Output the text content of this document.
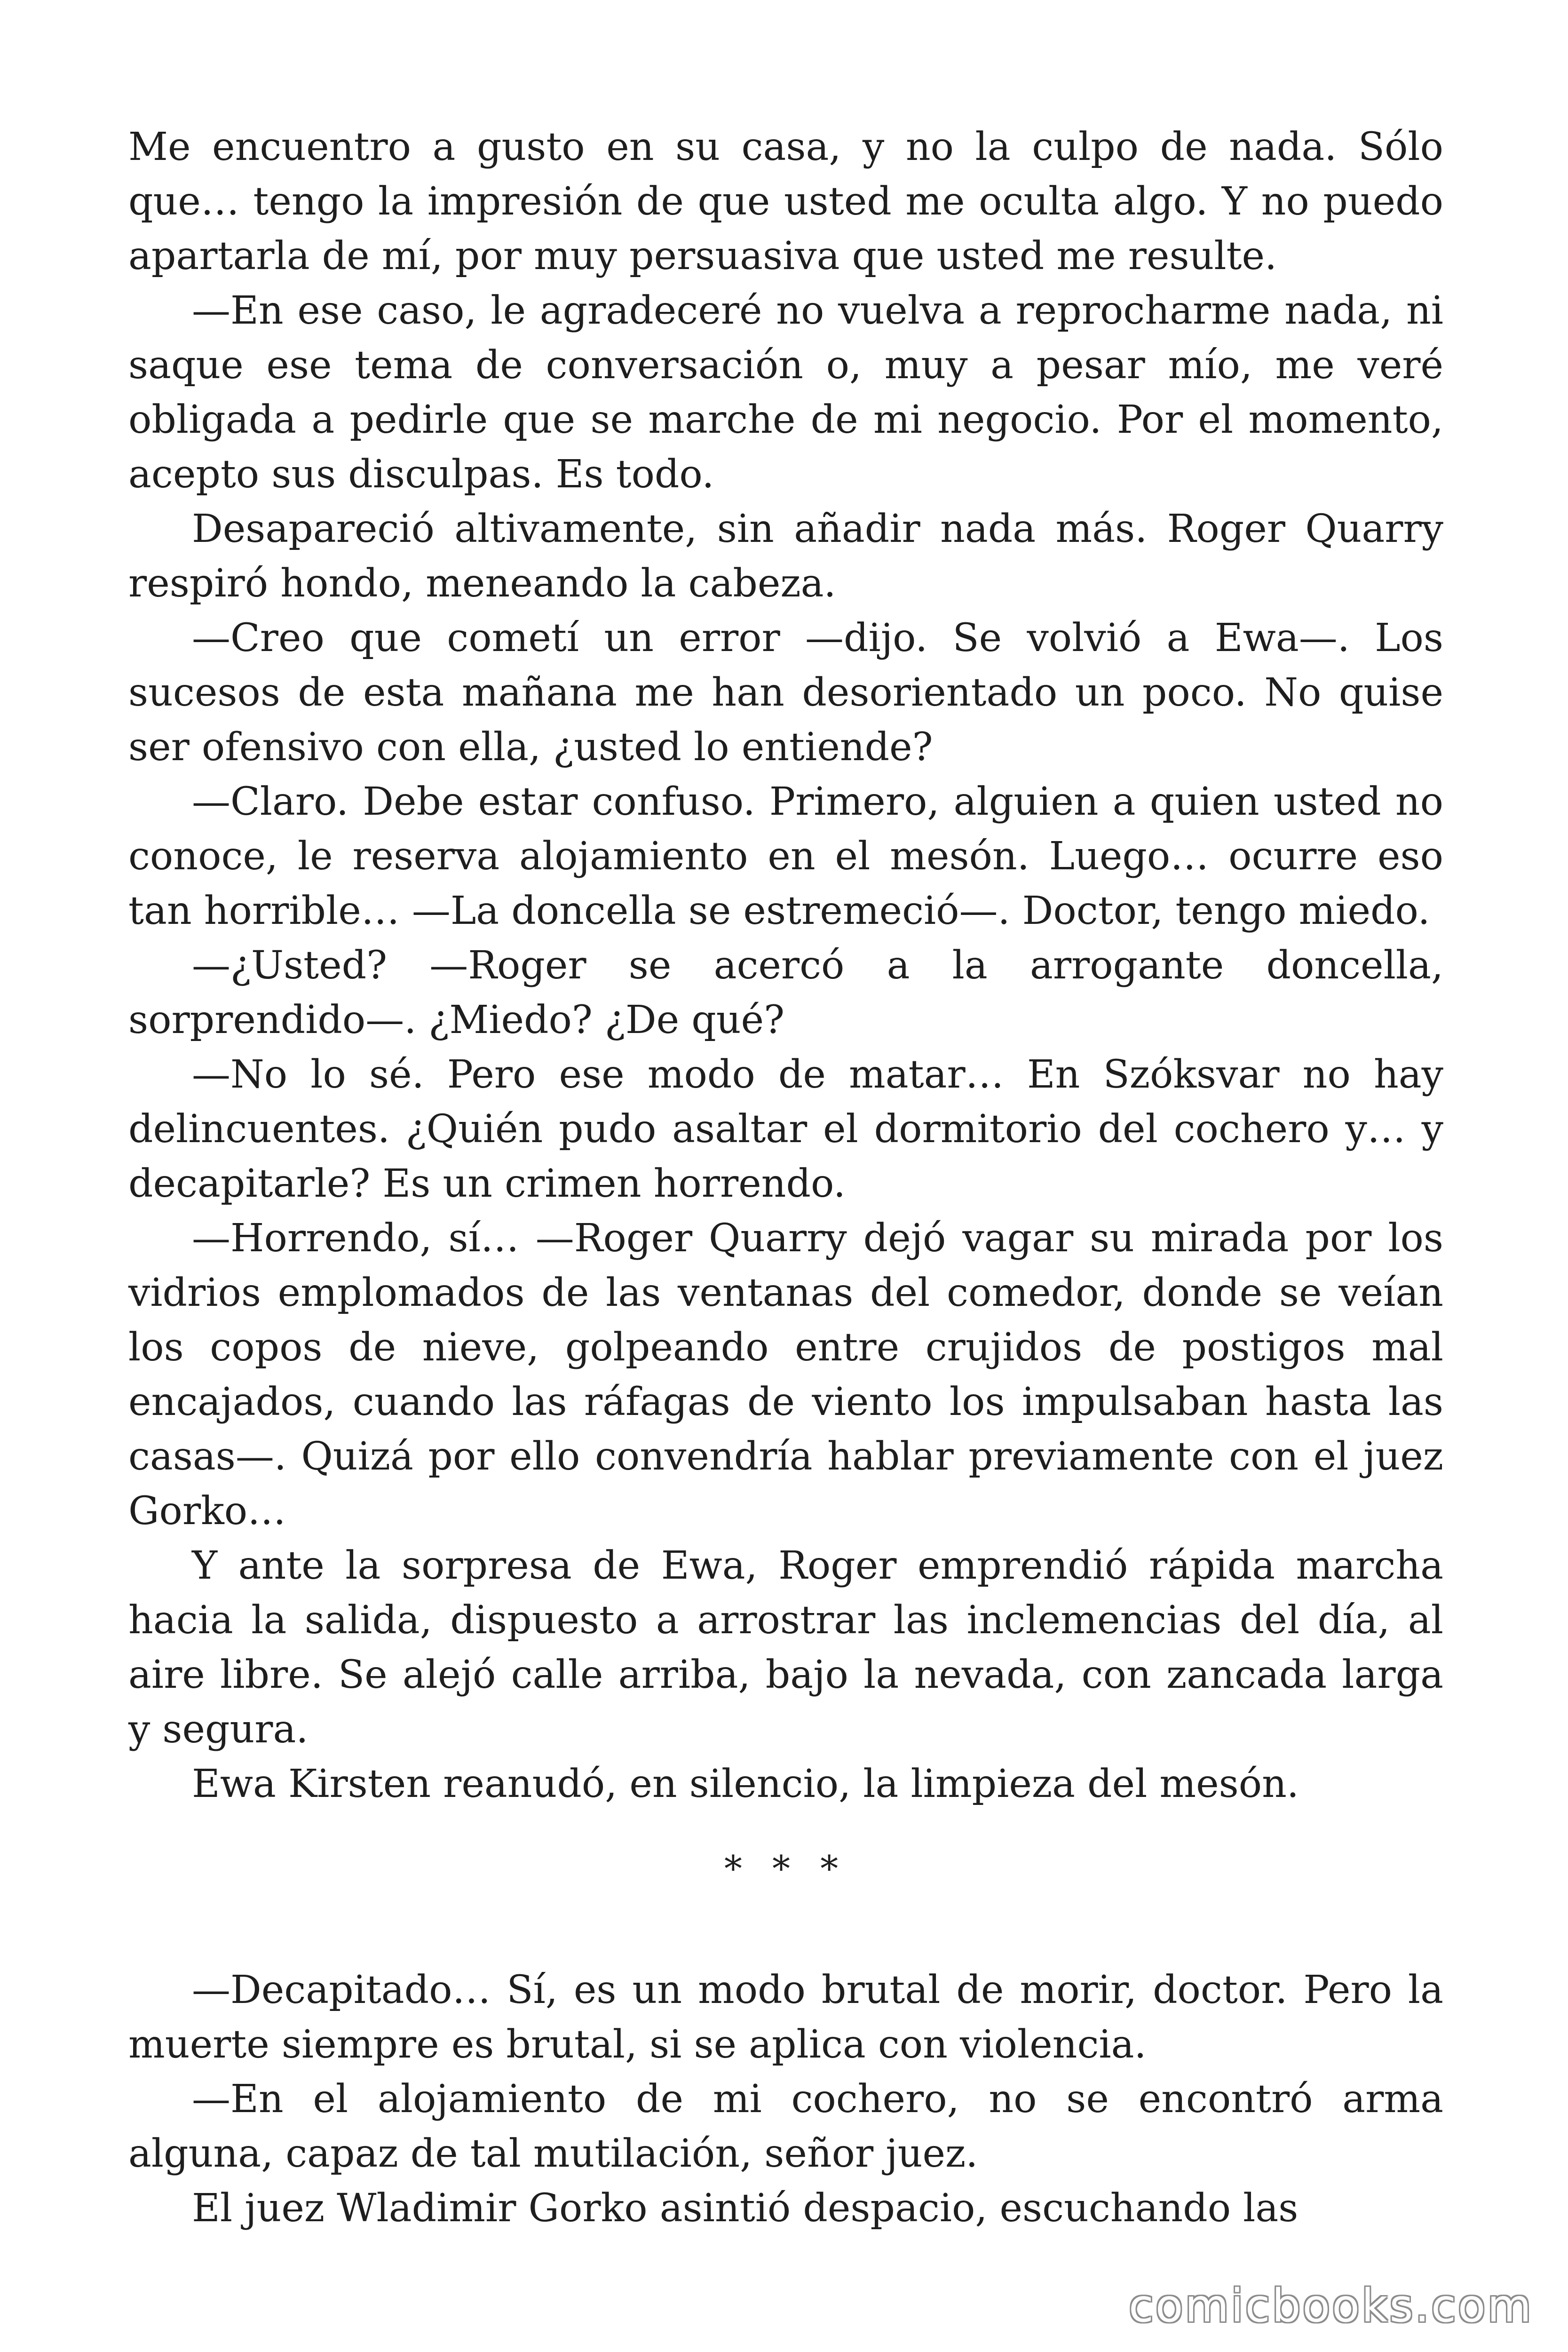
Me encuentro a gusto en su casa, y no la culpo de nada. Sólo que… tengo la impresión de que usted me oculta algo. Y no puedo apartarla de mí, por muy persuasiva que usted me resulte.

—En ese caso, le agradeceré no vuelva a reprocharme nada, ni saque ese tema de conversación o, muy a pesar mío, me veré obligada a pedirle que se marche de mi negocio. Por el momento, acepto sus disculpas. Es todo.

Desapareció altivamente, sin añadir nada más. Roger Quarry respiró hondo, meneando la cabeza.

—Creo que cometí un error —dijo. Se volvió a Ewa—. Los sucesos de esta mañana me han desorientado un poco. No quise ser ofensivo con ella, ¿usted lo entiende?

—Claro. Debe estar confuso. Primero, alguien a quien usted no conoce, le reserva alojamiento en el mesón. Luego… ocurre eso tan horrible… —La doncella se estremeció—. Doctor, tengo miedo.

—¿Usted? —Roger se acercó a la arrogante doncella, sorprendido—. ¿Miedo? ¿De qué?

—No lo sé. Pero ese modo de matar… En Szóksvar no hay delincuentes. ¿Quién pudo asaltar el dormitorio del cochero y… y decapitarle? Es un crimen horrendo.

—Horrendo, sí… —Roger Quarry dejó vagar su mirada por los vidrios emplomados de las ventanas del comedor, donde se veían los copos de nieve, golpeando entre crujidos de postigos mal encajados, cuando las ráfagas de viento los impulsaban hasta las casas—. Quizá por ello convendría hablar previamente con el juez Gorko…

Y ante la sorpresa de Ewa, Roger emprendió rápida marcha hacia la salida, dispuesto a arrostrar las inclemencias del día, al aire libre. Se alejó calle arriba, bajo la nevada, con zancada larga y segura.

Ewa Kirsten reanudó, en silencio, la limpieza del mesón.

* * *

—Decapitado… Sí, es un modo brutal de morir, doctor. Pero la muerte siempre es brutal, si se aplica con violencia.

—En el alojamiento de mi cochero, no se encontró arma alguna, capaz de tal mutilación, señor juez.

El juez Wladimir Gorko asintió despacio, escuchando las

comicbooks.com
